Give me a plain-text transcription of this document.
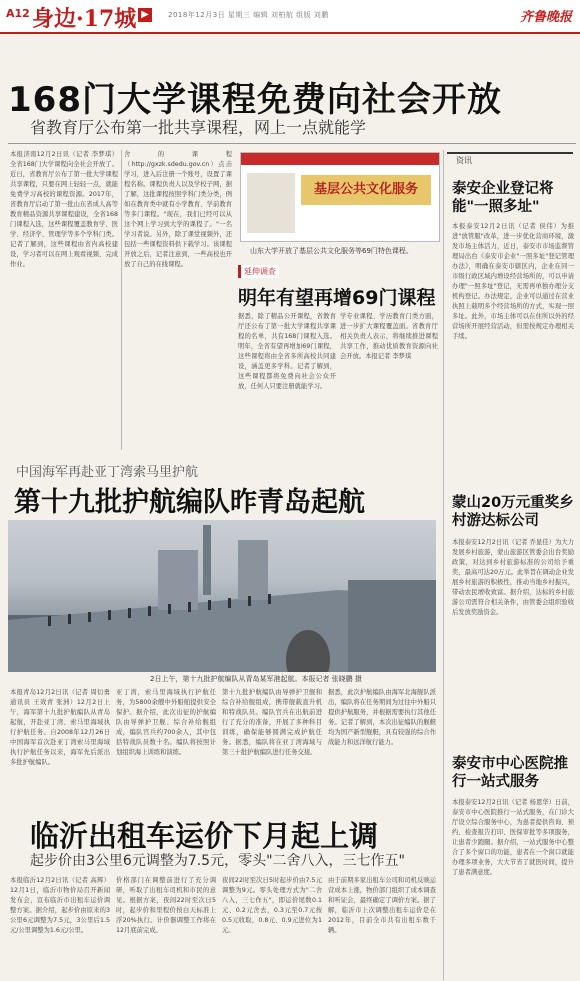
A12 身边·17城 ▶	2018年12月3日 星期三 编辑 刘柏航 组版 刘鹏	齐鲁晚报
168门大学课程免费向社会开放
省教育厅公布第一批共享课程，网上一点就能学
本报济南12月2日讯（记者 李梦琪）全省168门大学课程向全社会开放了。近日，省教育厅公布了第一批大学课程共享课程，只要在网上轻轻一点，就能免费学习高校的课程资源。2017年，省教育厅启动了第一批山东省成人高等教育精品资源共享课程建设，全省168门课程入选，这些课程覆盖教育学、医学、经济学、管理学等多个学科门类。记者了解到，这些课程由省内高校建设，学习者可以在网上观看视频、完成作业。
舍的课程（http://gxzk.sdedu.gov.cn）点击学习，进入后注册一个账号，设置了课程名称。课程负责人以及学校子网，据了解，这批课程按照学科门类分类，例如在教育类中就有小学教育、学前教育等多门课程。"现在，我们已经可以从这个网上学习到大学的课程了。"一名学习者说。另外，除了课堂视频外，还包括一些课程资料供下载学习。该课程开放之后，记者注意到，一些高校也开放了自己的在线课程。
基层公共文化服务
山东大学开放了基层公共文化服务等69门特色课程。
延伸调查
明年有望再增69门课程
据悉，除了精品公开课程，省教育厅还公布了第一批大学课程共享课程的名单，共有168门课程入选。明年，全省有望再增加69门课程，这些课程将由全省多所高校共同建设，涵盖更多学科。记者了解到，这些课程都将免费向社会公众开放，任何人只要注册就能学习。
学专业课程、学历教育门类方面，进一步扩大课程覆盖面。省教育厅相关负责人表示，将继续推进课程共享工作，推动优质教育资源向社会开放。本报记者 李梦琪
资讯
泰安企业登记将能"一照多址"
本报泰安12月2日讯（记者 侯伟）为推进"放管服"改革，进一步优化营商环境，激发市场主体活力，近日，泰安市市场监督管理局出台《泰安市企业"一照多址"登记管理办法》，明确在泰安市辖区内，企业在同一市级行政区域内增设经营场所的，可以申请办理"一照多址"登记，无需再单独办理分支机构登记。办法规定，企业可以通过在营业执照上载明多个经营场所的方式，实现一照多址。此外，市场主体可以在住所以外的经营场所开展经营活动，但需按规定办理相关手续。
蒙山20万元重奖乡村游达标公司
本报泰安12月2日讯（记者 乔显佳）为大力发展乡村旅游，蒙山旅游区管委会出台奖励政策，对达到乡村旅游标准的公司给予重奖，最高可达20万元。此举旨在调动企业发展乡村旅游的积极性，推动当地乡村振兴，带动农民增收致富。据介绍，达标的乡村旅游公司需符合相关条件，由管委会组织验收后发放奖励资金。
泰安市中心医院推行一站式服务
本报泰安12月2日讯（记者 杨恩华）日前，泰安市中心医院推行一站式服务，在门诊大厅设立综合服务中心，为患者提供咨询、预约、检查报告打印、医保审批等多项服务，让患者少跑腿。据介绍，一站式服务中心整合了多个窗口的功能，患者在一个窗口就能办理多项业务，大大节省了就医时间，提升了患者满意度。
中国海军再赴亚丁湾索马里护航
第十九批护航编队昨青岛起航
2日上午，第十九批护航编队从青岛某军港起航。本报记者 张晓鹏 摄
本报青岛12月2日讯（记者 周衍勇 通讯员 王效青 张洲）12月2日上午，海军第十九批护航编队从青岛起航，开赴亚丁湾、索马里海域执行护航任务。自2008年12月26日中国海军首次赴亚丁湾索马里海域执行护航任务以来，海军先后派出多批护航编队。
亚丁湾，索马里海域执行护航任务，为5800余艘中外船舶提供安全保护。据介绍，此次出征的护航编队由导弹护卫舰、综合补给舰组成，编队官兵约700余人，其中包括特战队员数十名。编队将按照计划组织海上训练和演练。
第十九批护航编队由导弹护卫舰和综合补给舰组成，携带舰载直升机和特战队员。编队官兵在出航前进行了充分的准备，开展了多种科目训练，确保能够圆满完成护航任务。据悉，编队将在亚丁湾海域与第三十批护航编队进行任务交接。
据悉，此次护航编队由海军北海舰队派出，编队将在任务期间为过往中外船只提供护航服务，并根据需要执行其他任务。记者了解到，本次出征编队的舰艇均为国产新型舰艇，具有较强的综合作战能力和远洋航行能力。
临沂出租车运价下月起上调
起步价由3公里6元调整为7.5元，零头"二舍八入，三七作五"
本报临沂12月2日讯（记者 高辉）12月1日，临沂市物价局召开新闻发布会，宣布临沂市出租车运价调整方案。据介绍，起步价由原来的3公里6元调整为7.5元，3公里后1.5元/公里调整为1.6元/公里。
价格部门在调整前进行了充分调研，听取了出租车司机和市民的意见。根据方案，夜间22时至次日5时，起步价和里程价按白天标准上浮20%执行。计价器调整工作将在12月底前完成。
夜间22时至次日5时起步价由7.5元调整为9元。零头处理方式为"二舍八入，三七作五"，即运价尾数0.1元、0.2元舍去，0.3元至0.7元按0.5元收取，0.8元、0.9元进位为1元。
由于前期多家出租车公司和司机反映运营成本上涨，物价部门组织了成本调查和听证会，最终确定了调价方案。据了解，临沂市上次调整出租车运价是在2012年，目前全市共有出租车数千辆。
